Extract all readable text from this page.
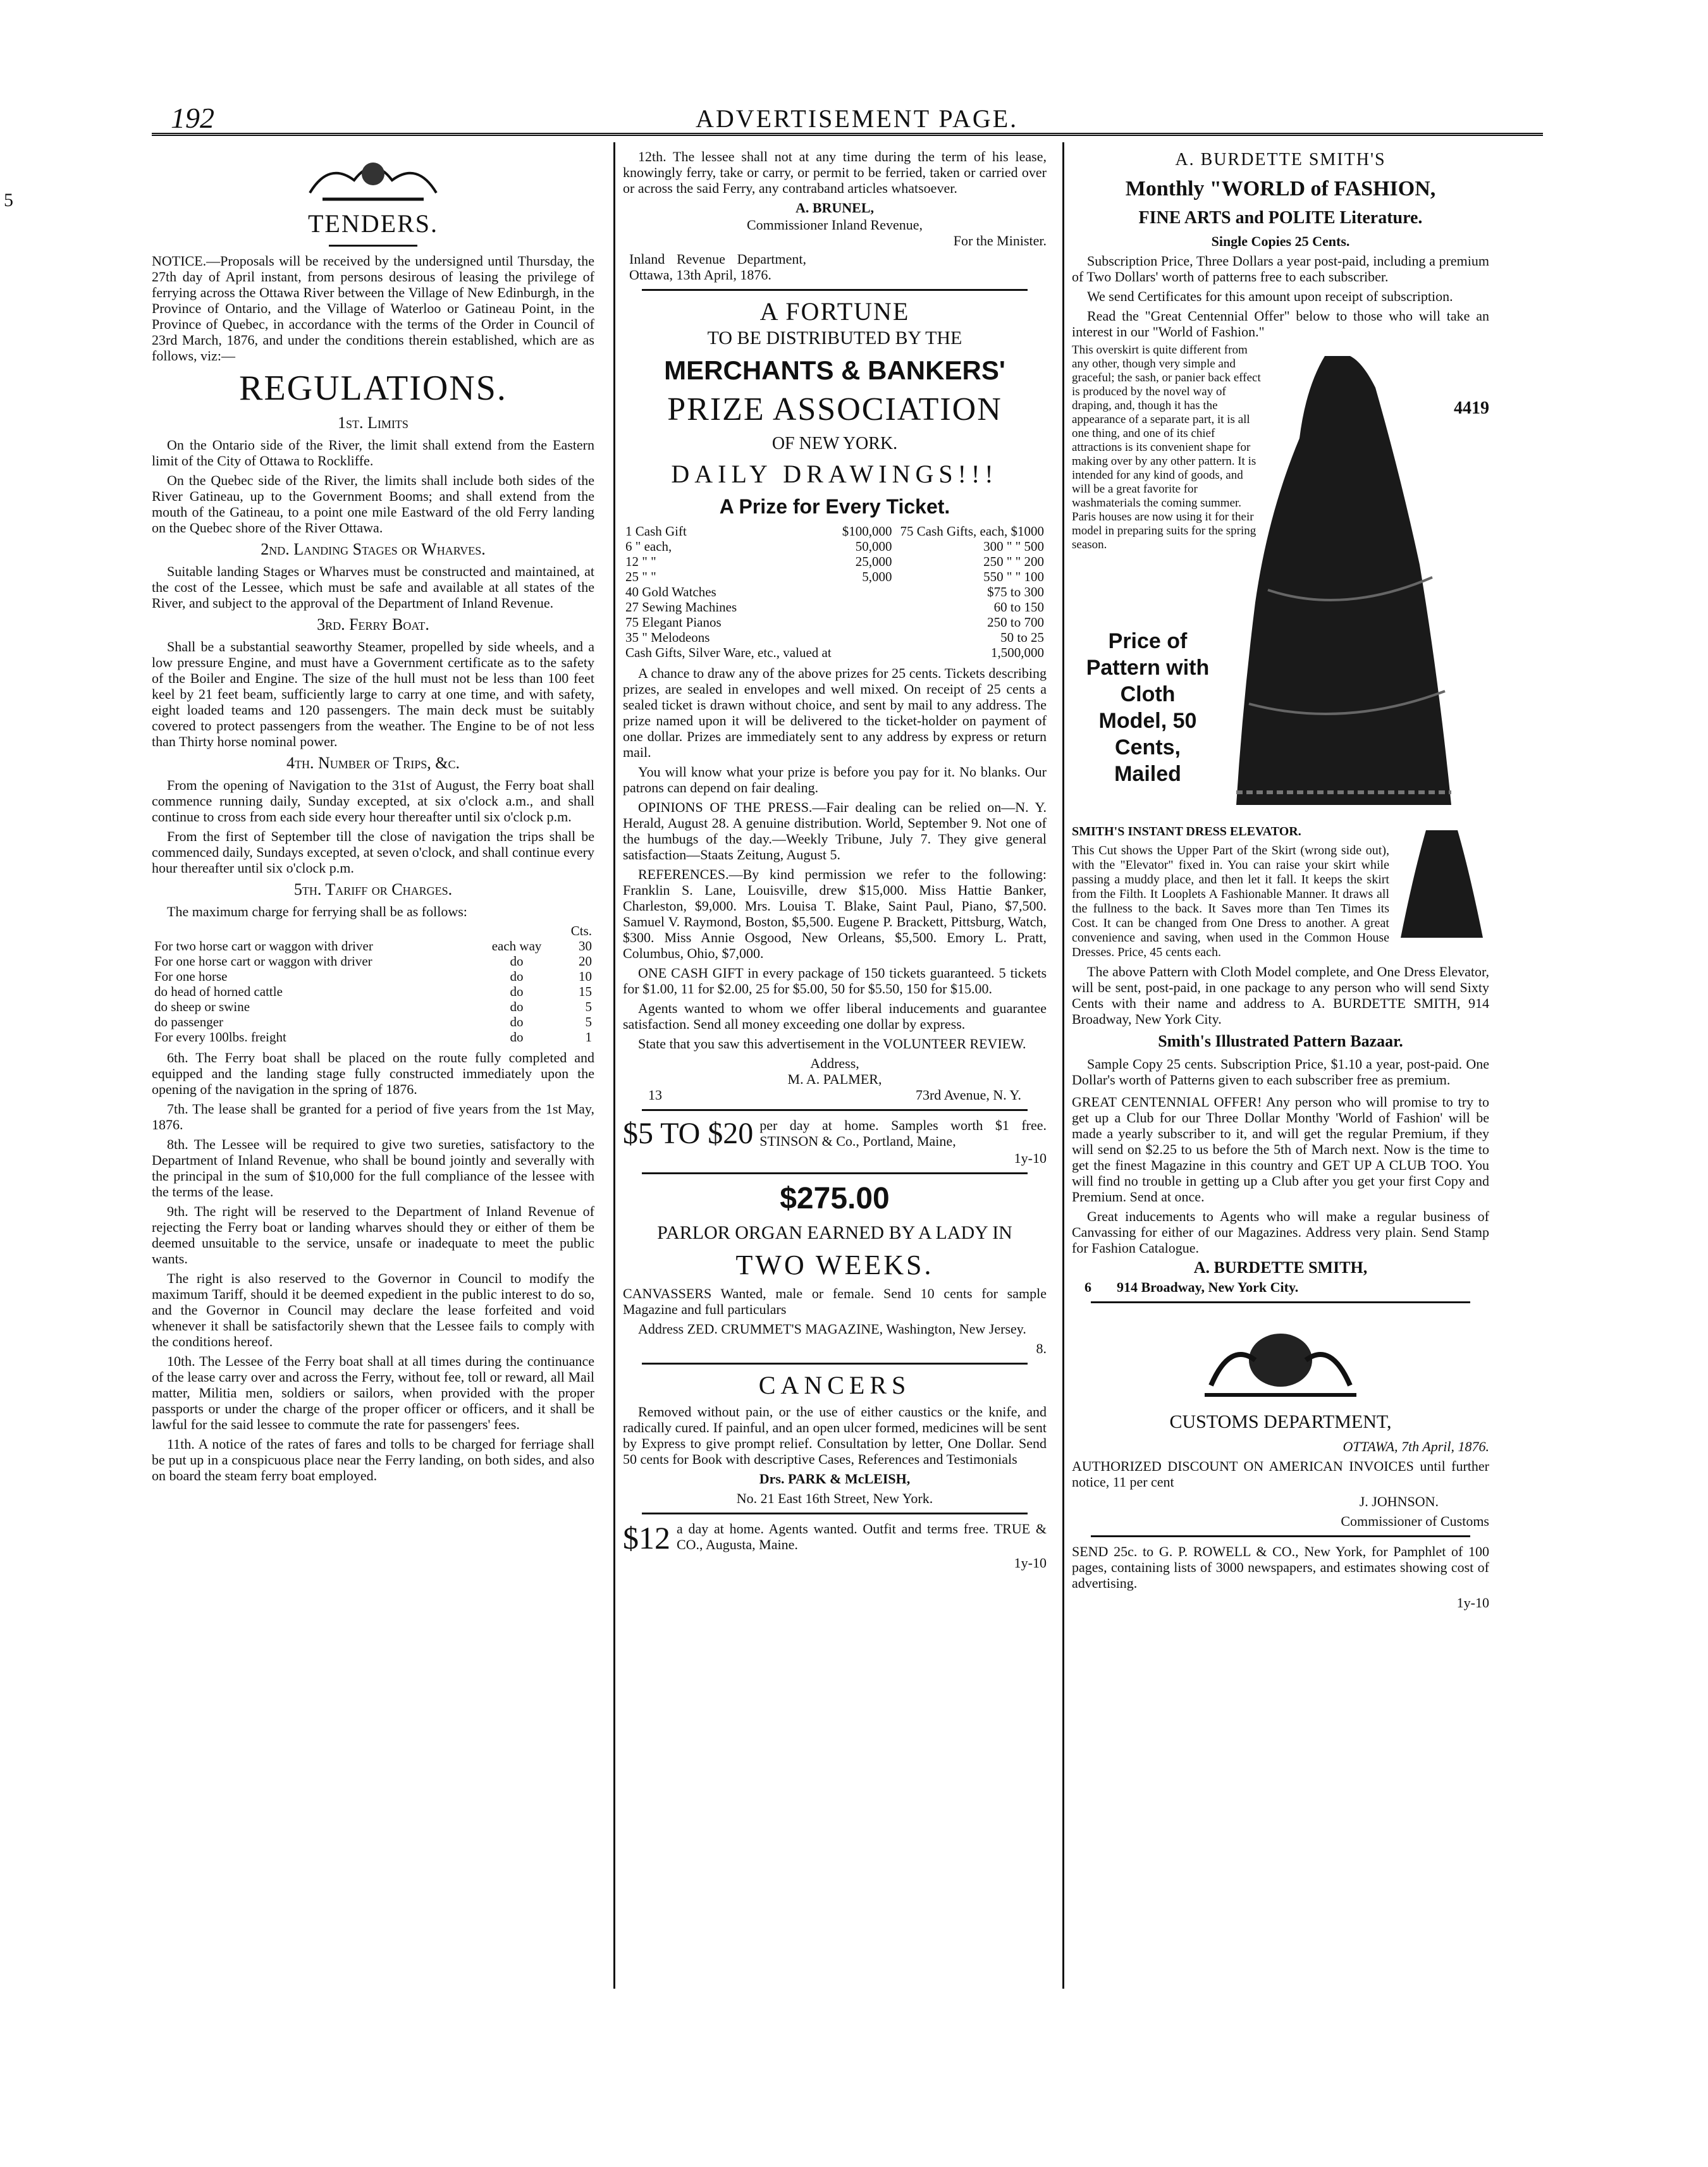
5
192	ADVERTISEMENT PAGE.

TENDERS.

NOTICE.—Proposals will be received by the undersigned until Thursday, the 27th day of April instant, from persons desirous of leasing the privilege of ferrying across the Ottawa River between the Village of New Edinburgh, in the Province of Ontario, and the Village of Waterloo or Gatineau Point, in the Province of Quebec, in accordance with the terms of the Order in Council of 23rd March, 1876, and under the conditions therein established, which are as follows, viz:—

REGULATIONS.

1st. Limits

On the Ontario side of the River, the limit shall extend from the Eastern limit of the City of Ottawa to Rockliffe.

On the Quebec side of the River, the limits shall include both sides of the River Gatineau, up to the Government Booms; and shall extend from the mouth of the Gatineau, to a point one mile Eastward of the old Ferry landing on the Quebec shore of the River Ottawa.

2nd. Landing Stages or Wharves.

Suitable landing Stages or Wharves must be constructed and maintained, at the cost of the Lessee, which must be safe and available at all states of the River, and subject to the approval of the Department of Inland Revenue.

3rd. Ferry Boat.

Shall be a substantial seaworthy Steamer, propelled by side wheels, and a low pressure Engine, and must have a Government certificate as to the safety of the Boiler and Engine. The size of the hull must not be less than 100 feet keel by 21 feet beam, sufficiently large to carry at one time, and with safety, eight loaded teams and 120 passengers. The main deck must be suitably covered to protect passengers from the weather. The Engine to be of not less than Thirty horse nominal power.

4th. Number of Trips, &c.

From the opening of Navigation to the 31st of August, the Ferry boat shall commence running daily, Sunday excepted, at six o'clock a.m., and shall continue to cross from each side every hour thereafter until six o'clock p.m.

From the first of September till the close of navigation the trips shall be commenced daily, Sundays excepted, at seven o'clock, and shall continue every hour thereafter until six o'clock p.m.

5th. Tariff or Charges.

The maximum charge for ferrying shall be as follows:

		Cts.
For two horse cart or waggon with driver	each way	30
For one horse cart or waggon with driver	do	20
For one horse	do	10
do head of horned cattle	do	15
do sheep or swine	do	5
do passenger	do	5
For every 100lbs. freight	do	1

6th. The Ferry boat shall be placed on the route fully completed and equipped and the landing stage fully constructed immediately upon the opening of the navigation in the spring of 1876.

7th. The lease shall be granted for a period of five years from the 1st May, 1876.

8th. The Lessee will be required to give two sureties, satisfactory to the Department of Inland Revenue, who shall be bound jointly and severally with the principal in the sum of $10,000 for the full compliance of the lessee with the terms of the lease.

9th. The right will be reserved to the Department of Inland Revenue of rejecting the Ferry boat or landing wharves should they or either of them be deemed unsuitable to the service, unsafe or inadequate to meet the public wants.

The right is also reserved to the Governor in Council to modify the maximum Tariff, should it be deemed expedient in the public interest to do so, and the Governor in Council may declare the lease forfeited and void whenever it shall be satisfactorily shewn that the Lessee fails to comply with the conditions hereof.

10th. The Lessee of the Ferry boat shall at all times during the continuance of the lease carry over and across the Ferry, without fee, toll or reward, all Mail matter, Militia men, soldiers or sailors, when provided with the proper passports or under the charge of the proper officer or officers, and it shall be lawful for the said lessee to commute the rate for passengers' fees.

11th. A notice of the rates of fares and tolls to be charged for ferriage shall be put up in a conspicuous place near the Ferry landing, on both sides, and also on board the steam ferry boat employed.

12th. The lessee shall not at any time during the term of his lease, knowingly ferry, take or carry, or permit to be ferried, taken or carried over or across the said Ferry, any contraband articles whatsoever.

A. BRUNEL,

Commissioner Inland Revenue,

For the Minister.

Inland Revenue Department, Ottawa, 13th April, 1876.

A FORTUNE

TO BE DISTRIBUTED BY THE

MERCHANTS & BANKERS'

PRIZE ASSOCIATION

OF NEW YORK.

DAILY DRAWINGS!!!

A Prize for Every Ticket.

1 Cash Gift	$100,000	75 Cash Gifts, each, $1000
6 " each,	50,000	300 " " 500
12 " "	25,000	250 " " 200
25 " "	5,000	550 " " 100
40 Gold Watches		$75 to 300
27 Sewing Machines		60 to 150
75 Elegant Pianos		250 to 700
35 " Melodeons		50 to 25
Cash Gifts, Silver Ware, etc., valued at		1,500,000

A chance to draw any of the above prizes for 25 cents. Tickets describing prizes, are sealed in envelopes and well mixed. On receipt of 25 cents a sealed ticket is drawn without choice, and sent by mail to any address. The prize named upon it will be delivered to the ticket-holder on payment of one dollar. Prizes are immediately sent to any address by express or return mail.

You will know what your prize is before you pay for it. No blanks. Our patrons can depend on fair dealing.

OPINIONS OF THE PRESS.—Fair dealing can be relied on—N. Y. Herald, August 28. A genuine distribution. World, September 9. Not one of the humbugs of the day.—Weekly Tribune, July 7. They give general satisfaction—Staats Zeitung, August 5.

REFERENCES.—By kind permission we refer to the following: Franklin S. Lane, Louisville, drew $15,000. Miss Hattie Banker, Charleston, $9,000. Mrs. Louisa T. Blake, Saint Paul, Piano, $7,500. Samuel V. Raymond, Boston, $5,500. Eugene P. Brackett, Pittsburg, Watch, $300. Miss Annie Osgood, New Orleans, $5,500. Emory L. Pratt, Columbus, Ohio, $7,000.

ONE CASH GIFT in every package of 150 tickets guaranteed. 5 tickets for $1.00, 11 for $2.00, 25 for $5.00, 50 for $5.50, 150 for $15.00.

Agents wanted to whom we offer liberal inducements and guarantee satisfaction. Send all money exceeding one dollar by express.

State that you saw this advertisement in the VOLUNTEER REVIEW.

Address,

M. A. PALMER,

13	73rd Avenue, N. Y.
$5 TO $20 per day at home. Samples worth $1 free. STINSON & Co., Portland, Maine,

1y-10

$275.00

PARLOR ORGAN EARNED BY A LADY IN

TWO WEEKS.

CANVASSERS Wanted, male or female. Send 10 cents for sample Magazine and full particulars

Address ZED. CRUMMET'S MAGAZINE, Washington, New Jersey.

8.

CANCERS

Removed without pain, or the use of either caustics or the knife, and radically cured. If painful, and an open ulcer formed, medicines will be sent by Express to give prompt relief. Consultation by letter, One Dollar. Send 50 cents for Book with descriptive Cases, References and Testimonials

Drs. PARK & McLEISH,

No. 21 East 16th Street, New York.

$12 a day at home. Agents wanted. Outfit and terms free. TRUE & CO., Augusta, Maine.

1y-10

A. BURDETTE SMITH'S

Monthly "WORLD of FASHION,

FINE ARTS and POLITE Literature.

Single Copies 25 Cents.

Subscription Price, Three Dollars a year post-paid, including a premium of Two Dollars' worth of patterns free to each subscriber.

We send Certificates for this amount upon receipt of subscription.

Read the "Great Centennial Offer" below to those who will take an interest in our "World of Fashion."

This overskirt is quite different from any other, though very simple and graceful; the sash, or panier back effect is produced by the novel way of draping, and, though it has the appearance of a separate part, it is all one thing, and one of its chief attractions is its convenient shape for making over by any other pattern. It is intended for any kind of goods, and will be a great favorite for washmaterials the coming summer. Paris houses are now using it for their model in preparing suits for the spring season.

4419

Price of Pattern with Cloth Model, 50 Cents, Mailed

SMITH'S INSTANT DRESS ELEVATOR.

This Cut shows the Upper Part of the Skirt (wrong side out), with the "Elevator" fixed in. You can raise your skirt while passing a muddy place, and then let it fall. It keeps the skirt from the Filth. It Looplets A Fashionable Manner. It draws all the fullness to the back. It Saves more than Ten Times its Cost. It can be changed from One Dress to another. A great convenience and saving, when used in the Common House Dresses. Price, 45 cents each.

The above Pattern with Cloth Model complete, and One Dress Elevator, will be sent, post-paid, in one package to any person who will send Sixty Cents with their name and address to A. BURDETTE SMITH, 914 Broadway, New York City.

Smith's Illustrated Pattern Bazaar.

Sample Copy 25 cents. Subscription Price, $1.10 a year, post-paid. One Dollar's worth of Patterns given to each subscriber free as premium.

GREAT CENTENNIAL OFFER! Any person who will promise to try to get up a Club for our Three Dollar Monthy 'World of Fashion' will be made a yearly subscriber to it, and will get the regular Premium, if they will send on $2.25 to us before the 5th of March next. Now is the time to get the finest Magazine in this country and GET UP A CLUB TOO. You will find no trouble in getting up a Club after you get your first Copy and Premium. Send at once.

Great inducements to Agents who will make a regular business of Canvassing for either of our Magazines. Address very plain. Send Stamp for Fashion Catalogue.

A. BURDETTE SMITH,

6 914 Broadway, New York City.

CUSTOMS DEPARTMENT,

OTTAWA, 7th April, 1876.

AUTHORIZED DISCOUNT ON AMERICAN INVOICES until further notice, 11 per cent

J. JOHNSON.

Commissioner of Customs

SEND 25c. to G. P. ROWELL & CO., New York, for Pamphlet of 100 pages, containing lists of 3000 newspapers, and estimates showing cost of advertising.

1y-10
